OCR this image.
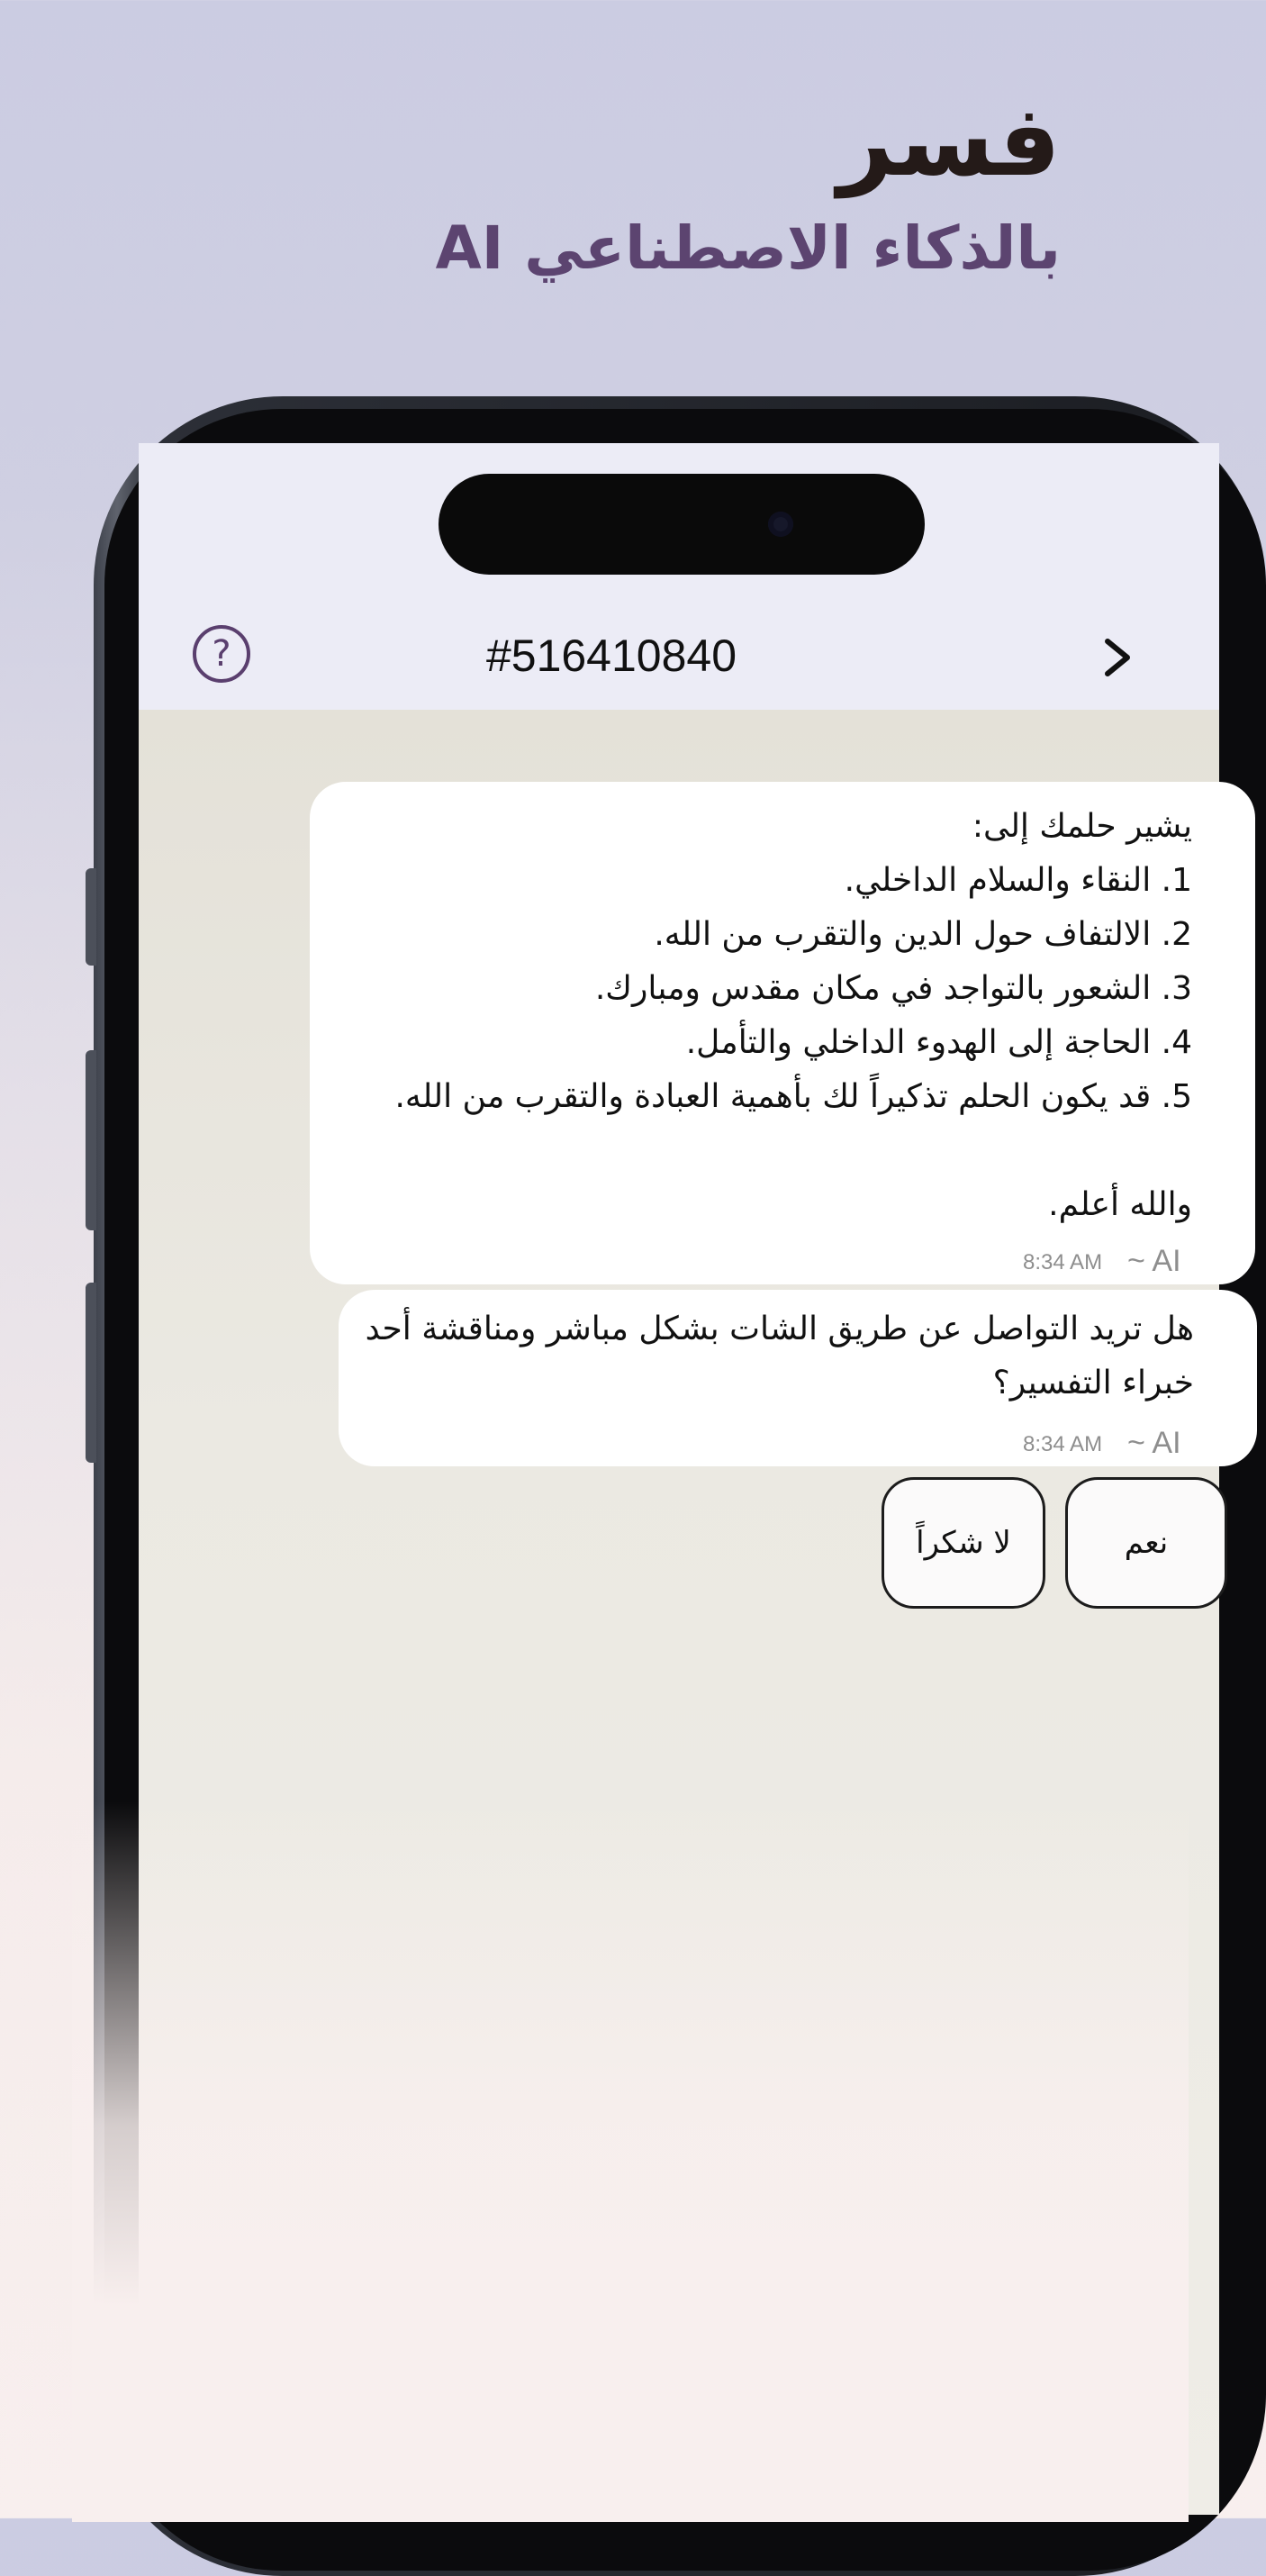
فسر
بالذكاء الاصطناعي AI
?	#516410840
يشير حلمك إلى:
1. النقاء والسلام الداخلي.
2. الالتفاف حول الدين والتقرب من الله.
3. الشعور بالتواجد في مكان مقدس ومبارك.
4. الحاجة إلى الهدوء الداخلي والتأمل.
5. قد يكون الحلم تذكيراً لك بأهمية العبادة والتقرب من الله.

والله أعلم.
8:34 AM ~ AI
هل تريد التواصل عن طريق الشات بشكل مباشر ومناقشة أحد خبراء التفسير؟
8:34 AM ~ AI
لا شكراً	نعم
